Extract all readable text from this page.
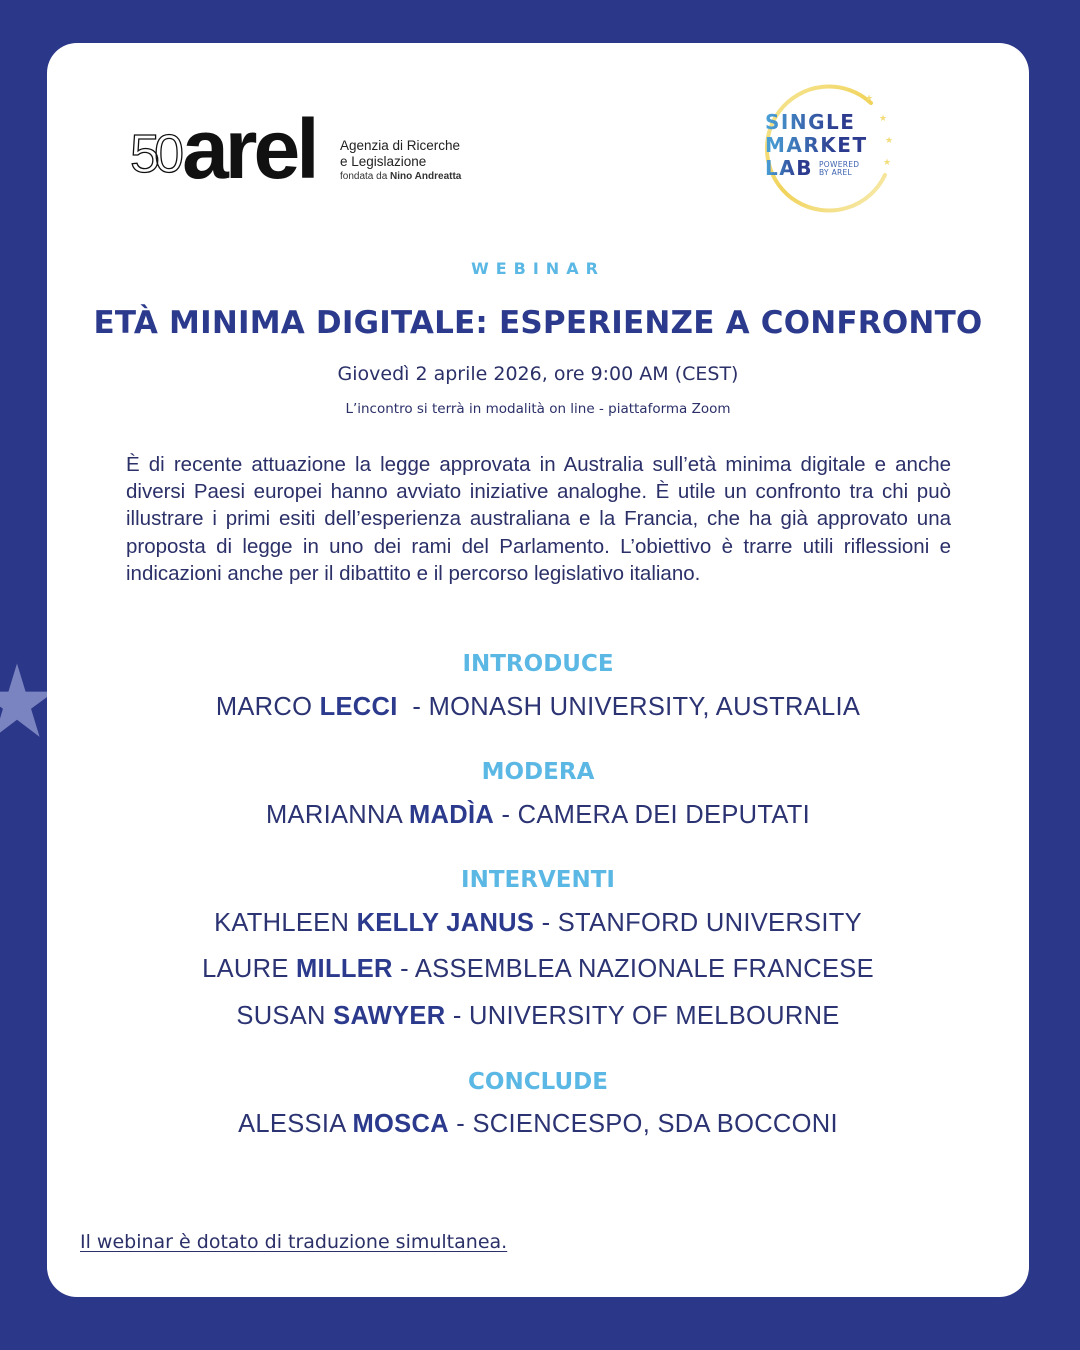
50 arel Agenzia di Ricerche
e Legislazione
fondata da Nino Andreatta
★
★
★
★
SINGLE
MARKET
LAB POWERED
BY AREL
WEBINAR
ETÀ MINIMA DIGITALE: ESPERIENZE A CONFRONTO
Giovedì 2 aprile 2026, ore 9:00 AM (CEST)
L’incontro si terrà in modalità on line - piattaforma Zoom
È di recente attuazione la legge approvata in Australia sull’età minima digitale e anche diversi Paesi europei hanno avviato iniziative analoghe. È utile un confronto tra chi può illustrare i primi esiti dell’esperienza australiana e la Francia, che ha già approvato una proposta di legge in uno dei rami del Parlamento. L’obiettivo è trarre utili riflessioni e indicazioni anche per il dibattito e il percorso legislativo italiano.
INTRODUCE
MARCO LECCI  - MONASH UNIVERSITY, AUSTRALIA
MODERA
MARIANNA MADÌA - CAMERA DEI DEPUTATI
INTERVENTI
KATHLEEN KELLY JANUS - STANFORD UNIVERSITY
LAURE MILLER - ASSEMBLEA NAZIONALE FRANCESE
SUSAN SAWYER - UNIVERSITY OF MELBOURNE
CONCLUDE
ALESSIA MOSCA - SCIENCESPO, SDA BOCCONI
Il webinar è dotato di traduzione simultanea.
